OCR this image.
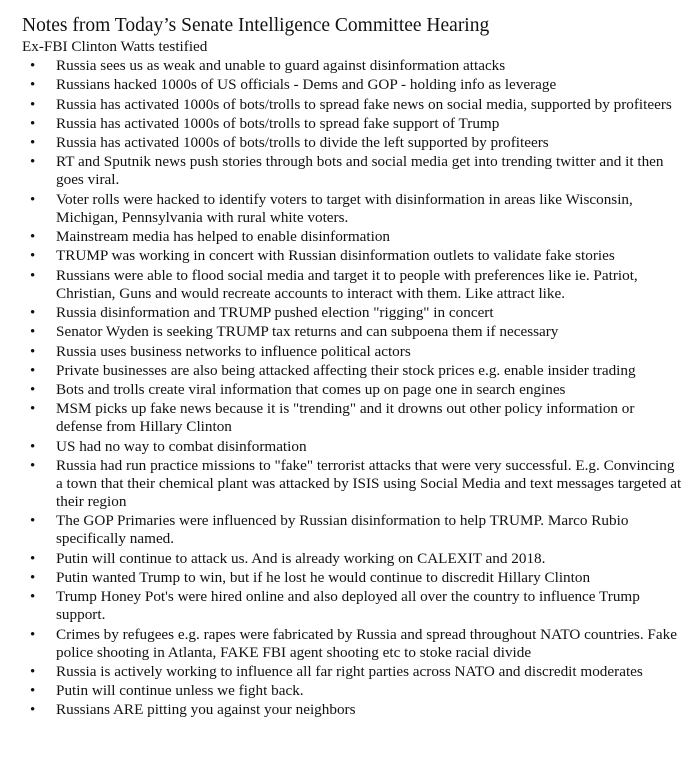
Notes from Today’s Senate Intelligence Committee Hearing
Ex-FBI Clinton Watts testified
• Russia sees us as weak and unable to guard against disinformation attacks
• Russians hacked 1000s of US officials - Dems and GOP - holding info as leverage
• Russia has activated 1000s of bots/trolls to spread fake news on social media, supported by profiteers
• Russia has activated 1000s of bots/trolls to spread fake support of Trump
• Russia has activated 1000s of bots/trolls to divide the left supported by profiteers
• RT and Sputnik news push stories through bots and social media get into trending twitter and it then goes viral.
• Voter rolls were hacked to identify voters to target with disinformation in areas like Wisconsin, Michigan, Pennsylvania with rural white voters.
• Mainstream media has helped to enable disinformation
• TRUMP was working in concert with Russian disinformation outlets to validate fake stories
• Russians were able to flood social media and target it to people with preferences like ie. Patriot, Christian, Guns and would recreate accounts to interact with them. Like attract like.
• Russia disinformation and TRUMP pushed election "rigging" in concert
• Senator Wyden is seeking TRUMP tax returns and can subpoena them if necessary
• Russia uses business networks to influence political actors
• Private businesses are also being attacked affecting their stock prices e.g. enable insider trading
• Bots and trolls create viral information that comes up on page one in search engines
• MSM picks up fake news because it is "trending" and it drowns out other policy information or defense from Hillary Clinton
• US had no way to combat disinformation
• Russia had run practice missions to "fake" terrorist attacks that were very successful. E.g. Convincing a town that their chemical plant was attacked by ISIS using Social Media and text messages targeted at their region
• The GOP Primaries were influenced by Russian disinformation to help TRUMP. Marco Rubio specifically named.
• Putin will continue to attack us. And is already working on CALEXIT and 2018.
• Putin wanted Trump to win, but if he lost he would continue to discredit Hillary Clinton
• Trump Honey Pot's were hired online and also deployed all over the country to influence Trump support.
• Crimes by refugees e.g. rapes were fabricated by Russia and spread throughout NATO countries. Fake police shooting in Atlanta, FAKE FBI agent shooting etc to stoke racial divide
• Russia is actively working to influence all far right parties across NATO and discredit moderates
• Putin will continue unless we fight back.
• Russians ARE pitting you against your neighbors
